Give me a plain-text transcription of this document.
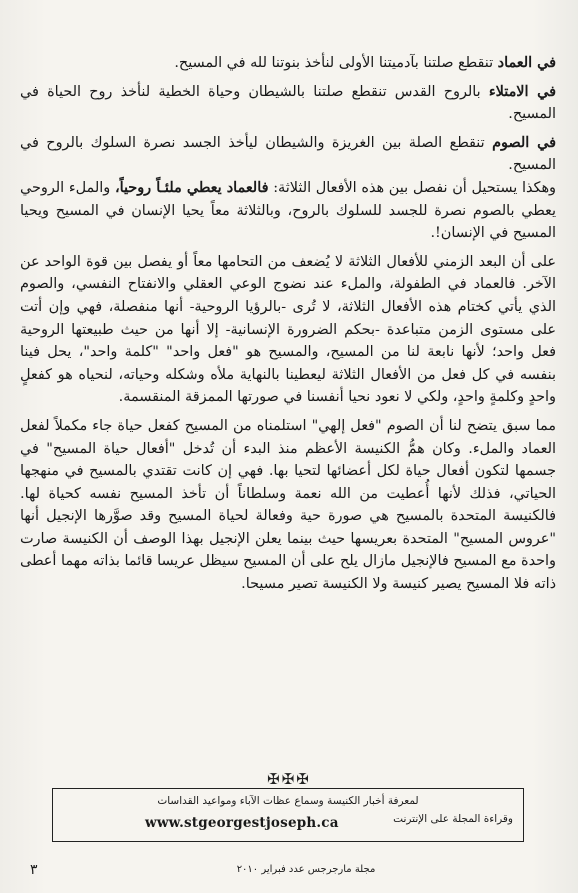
في العماد تنقطع صلتنا بآدميتنا الأولى لنأخذ بنوتنا لله في المسيح.

في الامتلاء بالروح القدس تنقطع صلتنا بالشيطان وحياة الخطية لنأخذ روح الحياة في المسيح.

في الصوم تنقطع الصلة بين الغريزة والشيطان ليأخذ الجسد نصرة السلوك بالروح في المسيح.

وهكذا يستحيل أن نفصل بين هذه الأفعال الثلاثة: فالعماد يعطي ملئـاً روحياً، والملء الروحي يعطي بالصوم نصرة للجسد للسلوك بالروح، وبالثلاثة معاً يحيا الإنسان في المسيح ويحيا المسيح في الإنسان!.

على أن البعد الزمني للأفعال الثلاثة لا يُضعف من التحامها معاً أو يفصل بين قوة الواحد عن الآخر. فالعماد في الطفولة، والملء عند نضوج الوعي العقلي والانفتاح النفسي، والصوم الذي يأتي كختام هذه الأفعال الثلاثة، لا تُرى -بالرؤيا الروحية- أنها منفصلة، فهي وإن أتت على مستوى الزمن متباعدة -بحكم الضرورة الإنسانية- إلا أنها من حيث طبيعتها الروحية فعل واحد؛ لأنها نابعة لنا من المسيح، والمسيح هو "فعل واحد" "كلمة واحد"، يحل فينا بنفسه في كل فعل من الأفعال الثلاثة ليعطينا بالنهاية ملأه وشكله وحياته، لنحياه هو كفعلٍ واحدٍ وكلمةٍ واحدٍ، ولكي لا نعود نحيا أنفسنا في صورتها الممزقة المنقسمة.

مما سبق يتضح لنا أن الصوم "فعل إلهي" استلمناه من المسيح كفعل حياة جاء مكملاً لفعل العماد والملء. وكان همُّ الكنيسة الأعظم منذ البدء أن تُدخل "أفعال حياة المسيح" في جسمها لتكون أفعال حياة لكل أعضائها لتحيا بها. فهي إن كانت تقتدي بالمسيح في منهجها الحياتي، فذلك لأنها أُعطيت من الله نعمة وسلطاناً أن تأخذ المسيح نفسه كحياة لها. فالكنيسة المتحدة بالمسيح هي صورة حية وفعالة لحياة المسيح وقد صوَّرها الإنجيل أنها "عروس المسيح" المتحدة بعريسها حيث بينما يعلن الإنجيل بهذا الوصف أن الكنيسة صارت واحدة مع المسيح فالإنجيل مازال يلح على أن المسيح سيظل عريسا قائما بذاته مهما أعطى ذاته فلا المسيح يصير كنيسة ولا الكنيسة تصير مسيحا.

✠✠✠
لمعرفة أخبار الكنيسة وسماع عظات الآباء ومواعيد القداسات
وقراءة المجلة على الإنترنت
www.stgeorgestjoseph.ca
٣	مجلة مارجرجس عدد فبراير ٢٠١٠
